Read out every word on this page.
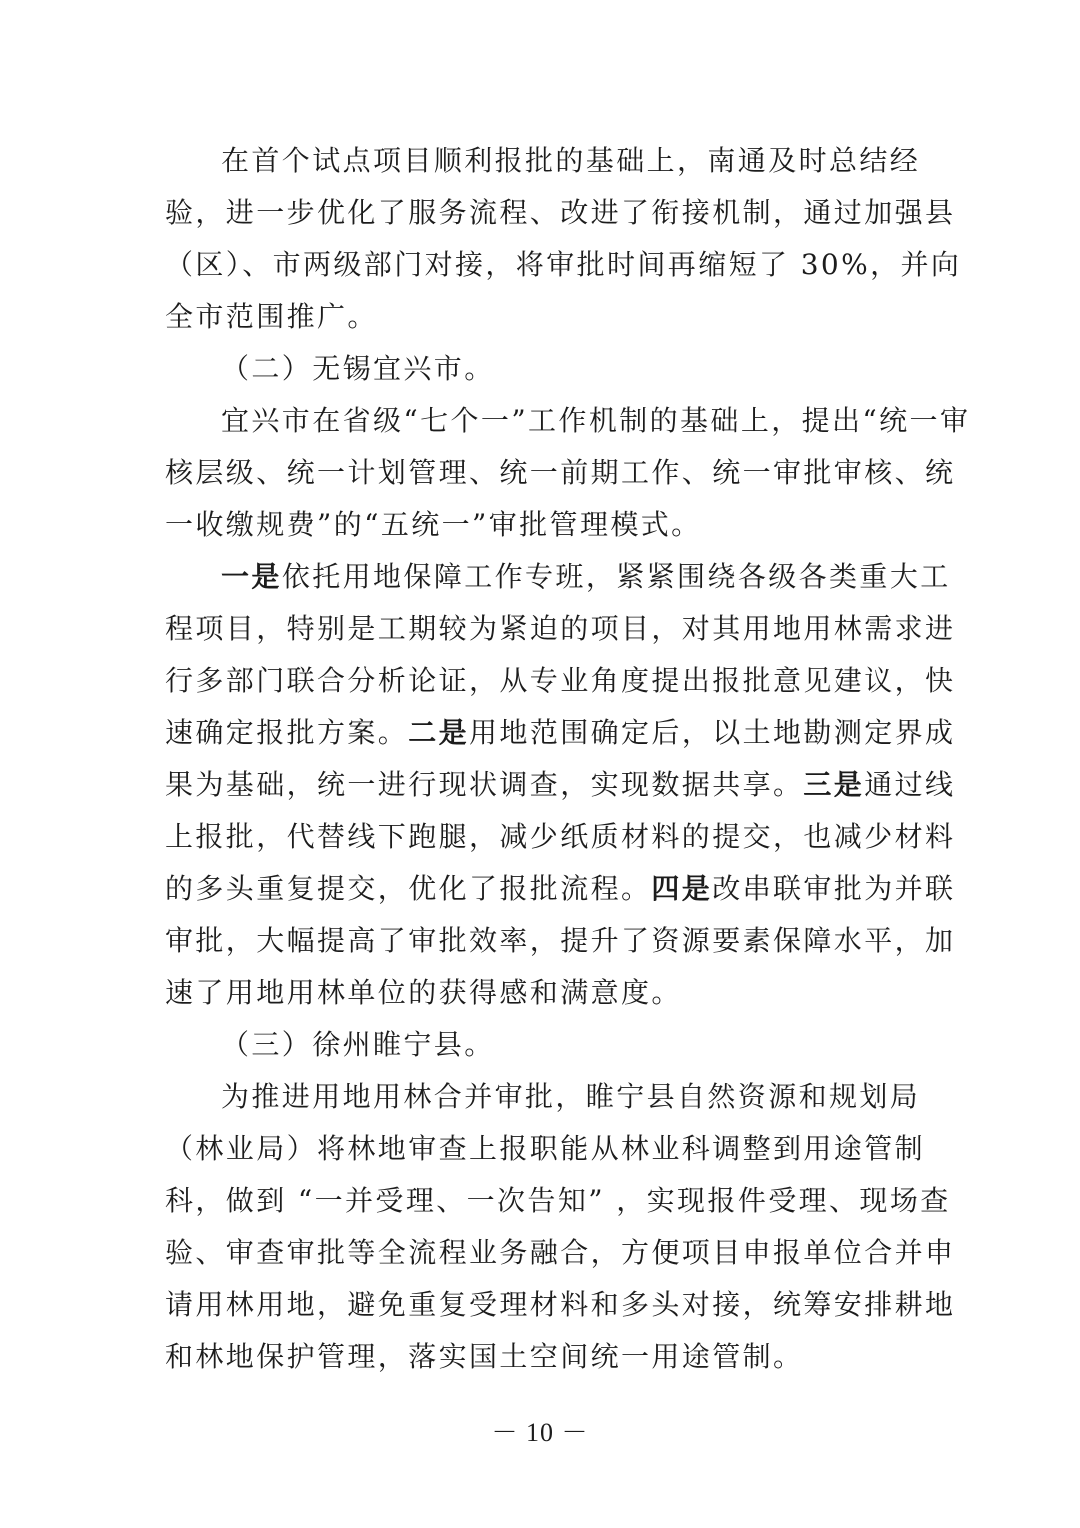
在首个试点项目顺利报批的基础上，南通及时总结经
验，进一步优化了服务流程、改进了衔接机制，通过加强县
（区）、市两级部门对接，将审批时间再缩短了 30%，并向
全市范围推广。
（二）无锡宜兴市。
宜兴市在省级“七个一”工作机制的基础上，提出“统一审
核层级、统一计划管理、统一前期工作、统一审批审核、统
一收缴规费”的“五统一”审批管理模式。
一是依托用地保障工作专班，紧紧围绕各级各类重大工
程项目，特别是工期较为紧迫的项目，对其用地用林需求进
行多部门联合分析论证，从专业角度提出报批意见建议，快
速确定报批方案。二是用地范围确定后，以土地勘测定界成
果为基础，统一进行现状调查，实现数据共享。三是通过线
上报批，代替线下跑腿，减少纸质材料的提交，也减少材料
的多头重复提交，优化了报批流程。四是改串联审批为并联
审批，大幅提高了审批效率，提升了资源要素保障水平，加
速了用地用林单位的获得感和满意度。
（三）徐州睢宁县。
为推进用地用林合并审批，睢宁县自然资源和规划局
（林业局）将林地审查上报职能从林业科调整到用途管制
科，做到 “一并受理、一次告知” ，实现报件受理、现场查
验、审查审批等全流程业务融合，方便项目申报单位合并申
请用林用地，避免重复受理材料和多头对接，统筹安排耕地
和林地保护管理，落实国土空间统一用途管制。
－ 10 －
